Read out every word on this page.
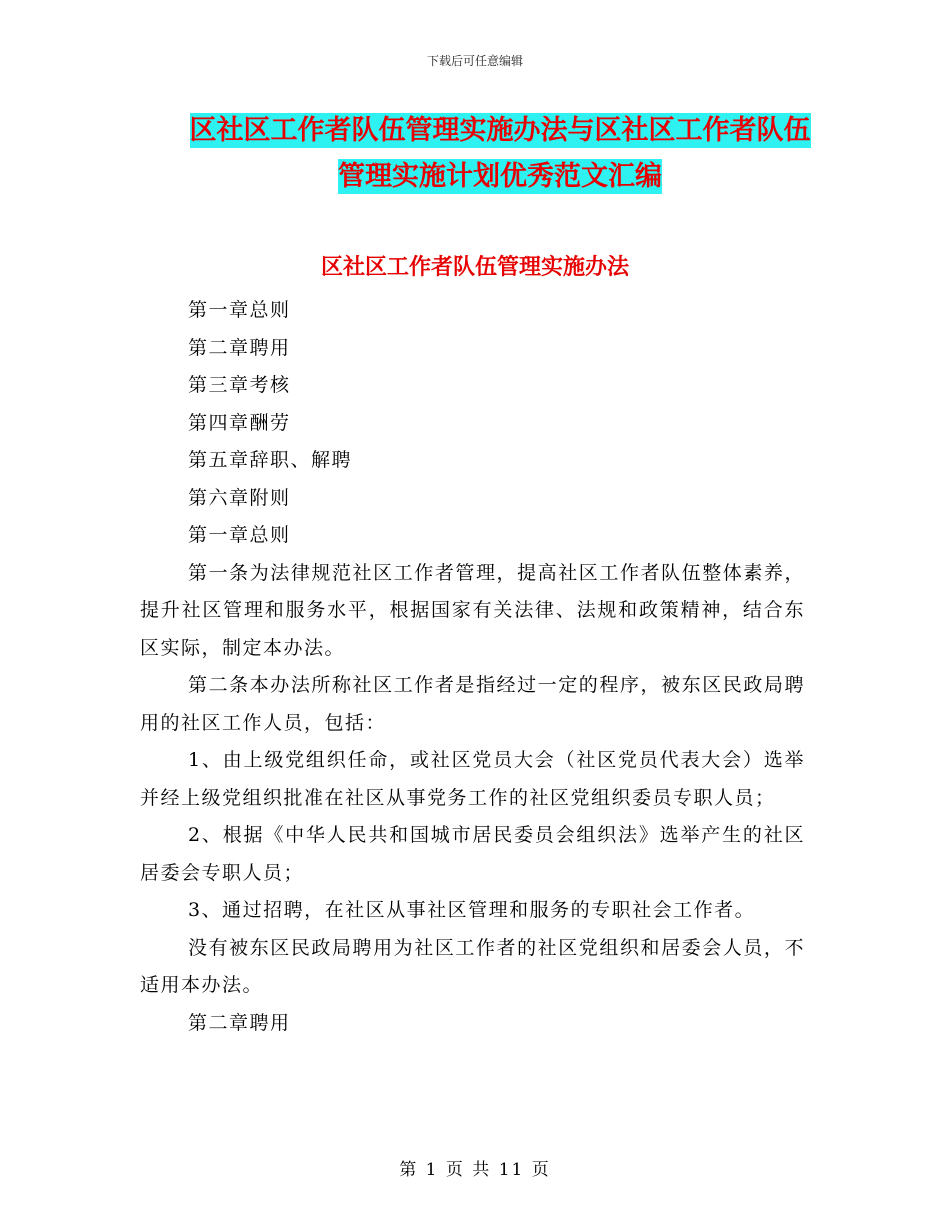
下载后可任意编辑
区社区工作者队伍管理实施办法与区社区工作者队伍
管理实施计划优秀范文汇编
区社区工作者队伍管理实施办法

第一章总则

第二章聘用

第三章考核

第四章酬劳

第五章辞职、解聘

第六章附则

第一章总则

第一条为法律规范社区工作者管理，提高社区工作者队伍整体素养，提升社区管理和服务水平，根据国家有关法律、法规和政策精神，结合东区实际，制定本办法。

第二条本办法所称社区工作者是指经过一定的程序，被东区民政局聘用的社区工作人员，包括：

1、由上级党组织任命，或社区党员大会（社区党员代表大会）选举并经上级党组织批准在社区从事党务工作的社区党组织委员专职人员；

2、根据《中华人民共和国城市居民委员会组织法》选举产生的社区居委会专职人员；

3、通过招聘，在社区从事社区管理和服务的专职社会工作者。

没有被东区民政局聘用为社区工作者的社区党组织和居委会人员，不适用本办法。

第二章聘用

第 1 页 共 11 页
